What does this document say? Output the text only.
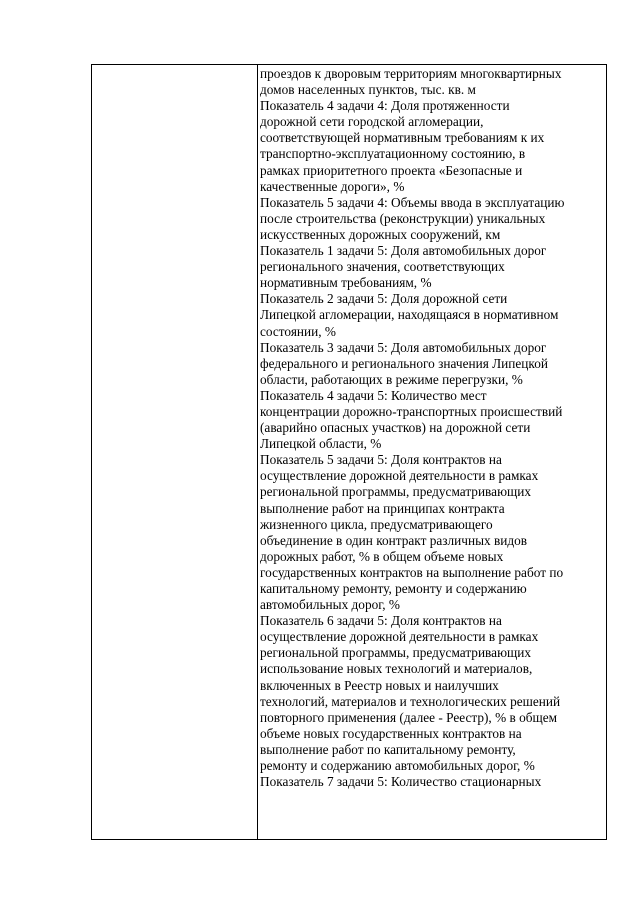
проездов к дворовым территориям многоквартирных
домов населенных пунктов, тыс. кв. м
Показатель 4 задачи 4: Доля протяженности
дорожной сети городской агломерации,
соответствующей нормативным требованиям к их
транспортно-эксплуатационному состоянию, в
рамках приоритетного проекта «Безопасные и
качественные дороги», %
Показатель 5 задачи 4: Объемы ввода в эксплуатацию
после строительства (реконструкции) уникальных
искусственных дорожных сооружений, км
Показатель 1 задачи 5: Доля автомобильных дорог
регионального значения, соответствующих
нормативным требованиям, %
Показатель 2 задачи 5: Доля дорожной сети
Липецкой агломерации, находящаяся в нормативном
состоянии, %
Показатель 3 задачи 5: Доля автомобильных дорог
федерального и регионального значения Липецкой
области, работающих в режиме перегрузки, %
Показатель 4 задачи 5: Количество мест
концентрации дорожно-транспортных происшествий
(аварийно опасных участков) на дорожной сети
Липецкой области, %
Показатель 5 задачи 5: Доля контрактов на
осуществление дорожной деятельности в рамках
региональной программы, предусматривающих
выполнение работ на принципах контракта
жизненного цикла, предусматривающего
объединение в один контракт различных видов
дорожных работ, % в общем объеме новых
государственных контрактов на выполнение работ по
капитальному ремонту, ремонту и содержанию
автомобильных дорог, %
Показатель 6 задачи 5: Доля контрактов на
осуществление дорожной деятельности в рамках
региональной программы, предусматривающих
использование новых технологий и материалов,
включенных в Реестр новых и наилучших
технологий, материалов и технологических решений
повторного применения (далее - Реестр), % в общем
объеме новых государственных контрактов на
выполнение работ по капитальному ремонту,
ремонту и содержанию автомобильных дорог, %
Показатель 7 задачи 5: Количество стационарных
